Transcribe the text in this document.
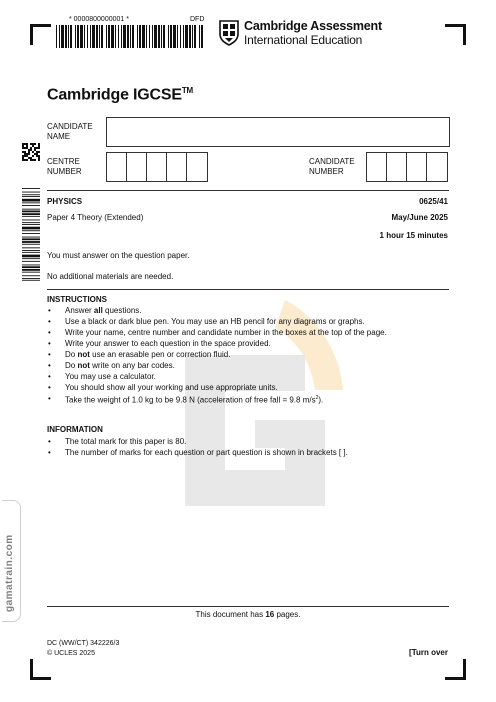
* 0000800000001 *	DFD	Cambridge Assessment
International Education
Cambridge IGCSE™
CANDIDATE
NAME
CENTRE
NUMBER
CANDIDATE
NUMBER
PHYSICS	0625/41
Paper 4 Theory (Extended)	May/June 2025
1 hour 15 minutes
You must answer on the question paper.
No additional materials are needed.
INSTRUCTIONS
• Answer all questions.
• Use a black or dark blue pen. You may use an HB pencil for any diagrams or graphs.
• Write your name, centre number and candidate number in the boxes at the top of the page.
• Write your answer to each question in the space provided.
• Do not use an erasable pen or correction fluid.
• Do not write on any bar codes.
• You may use a calculator.
• You should show all your working and use appropriate units.
• Take the weight of 1.0 kg to be 9.8 N (acceleration of free fall = 9.8 $m/s^2$).
INFORMATION
• The total mark for this paper is 80.
• The number of marks for each question or part question is shown in brackets [ ].
gamatrain.com
This document has 16 pages.
DC (WW/CT) 342226/3
© UCLES 2025	[Turn over
